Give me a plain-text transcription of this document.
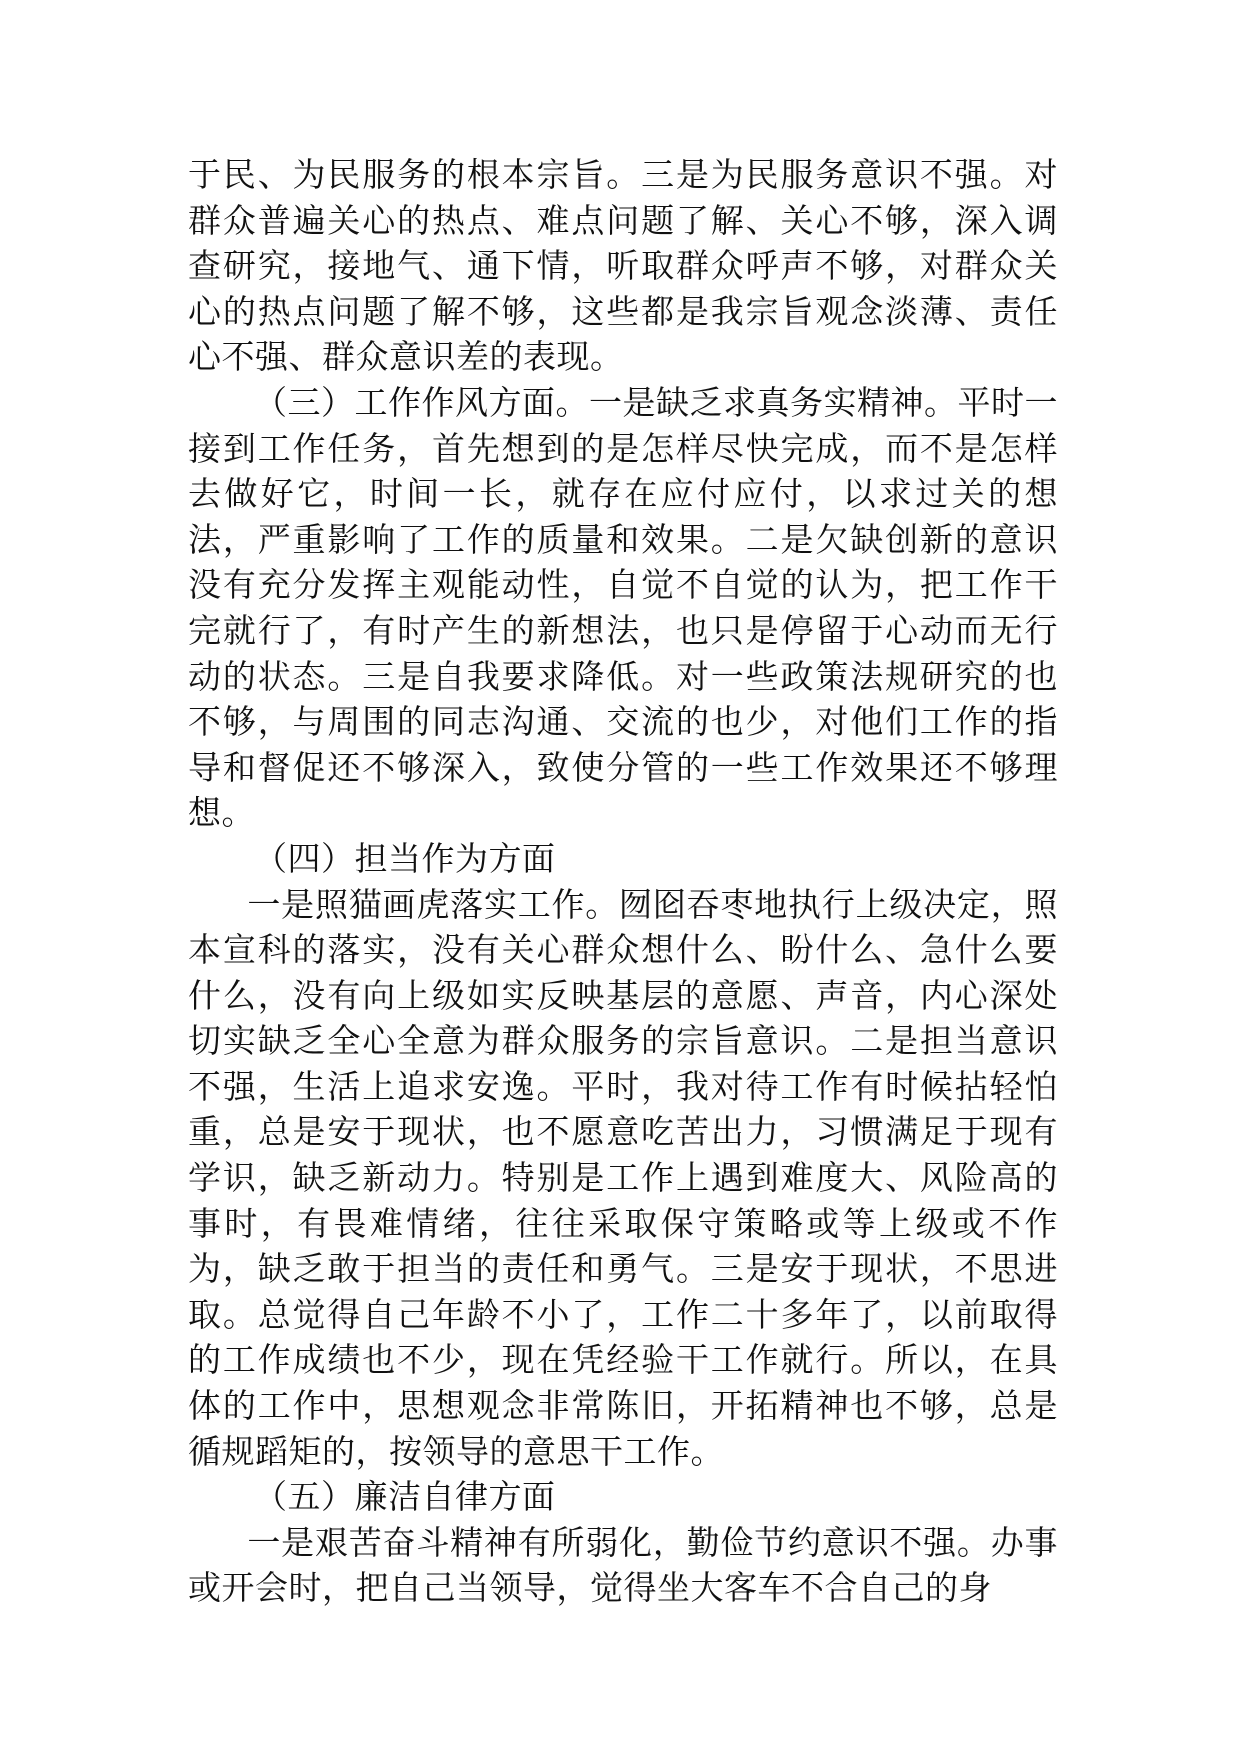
于民、为民服务的根本宗旨。三是为民服务意识不强。对群众普遍关心的热点、难点问题了解、关心不够，深入调查研究，接地气、通下情，听取群众呼声不够，对群众关心的热点问题了解不够，这些都是我宗旨观念淡薄、责任心不强、群众意识差的表现。

（三）工作作风方面。一是缺乏求真务实精神。平时一接到工作任务，首先想到的是怎样尽快完成，而不是怎样去做好它，时间一长，就存在应付应付，以求过关的想法，严重影响了工作的质量和效果。二是欠缺创新的意识没有充分发挥主观能动性，自觉不自觉的认为，把工作干完就行了，有时产生的新想法，也只是停留于心动而无行动的状态。三是自我要求降低。对一些政策法规研究的也不够，与周围的同志沟通、交流的也少，对他们工作的指导和督促还不够深入，致使分管的一些工作效果还不够理想。

（四）担当作为方面

一是照猫画虎落实工作。囫囵吞枣地执行上级决定，照本宣科的落实，没有关心群众想什么、盼什么、急什么要什么，没有向上级如实反映基层的意愿、声音，内心深处切实缺乏全心全意为群众服务的宗旨意识。二是担当意识不强，生活上追求安逸。平时，我对待工作有时候拈轻怕重，总是安于现状，也不愿意吃苦出力，习惯满足于现有学识，缺乏新动力。特别是工作上遇到难度大、风险高的事时，有畏难情绪，往往采取保守策略或等上级或不作为，缺乏敢于担当的责任和勇气。三是安于现状，不思进取。总觉得自己年龄不小了，工作二十多年了，以前取得的工作成绩也不少，现在凭经验干工作就行。所以，在具体的工作中，思想观念非常陈旧，开拓精神也不够，总是循规蹈矩的，按领导的意思干工作。

（五）廉洁自律方面

一是艰苦奋斗精神有所弱化，勤俭节约意识不强。办事或开会时，把自己当领导，觉得坐大客车不合自己的身
